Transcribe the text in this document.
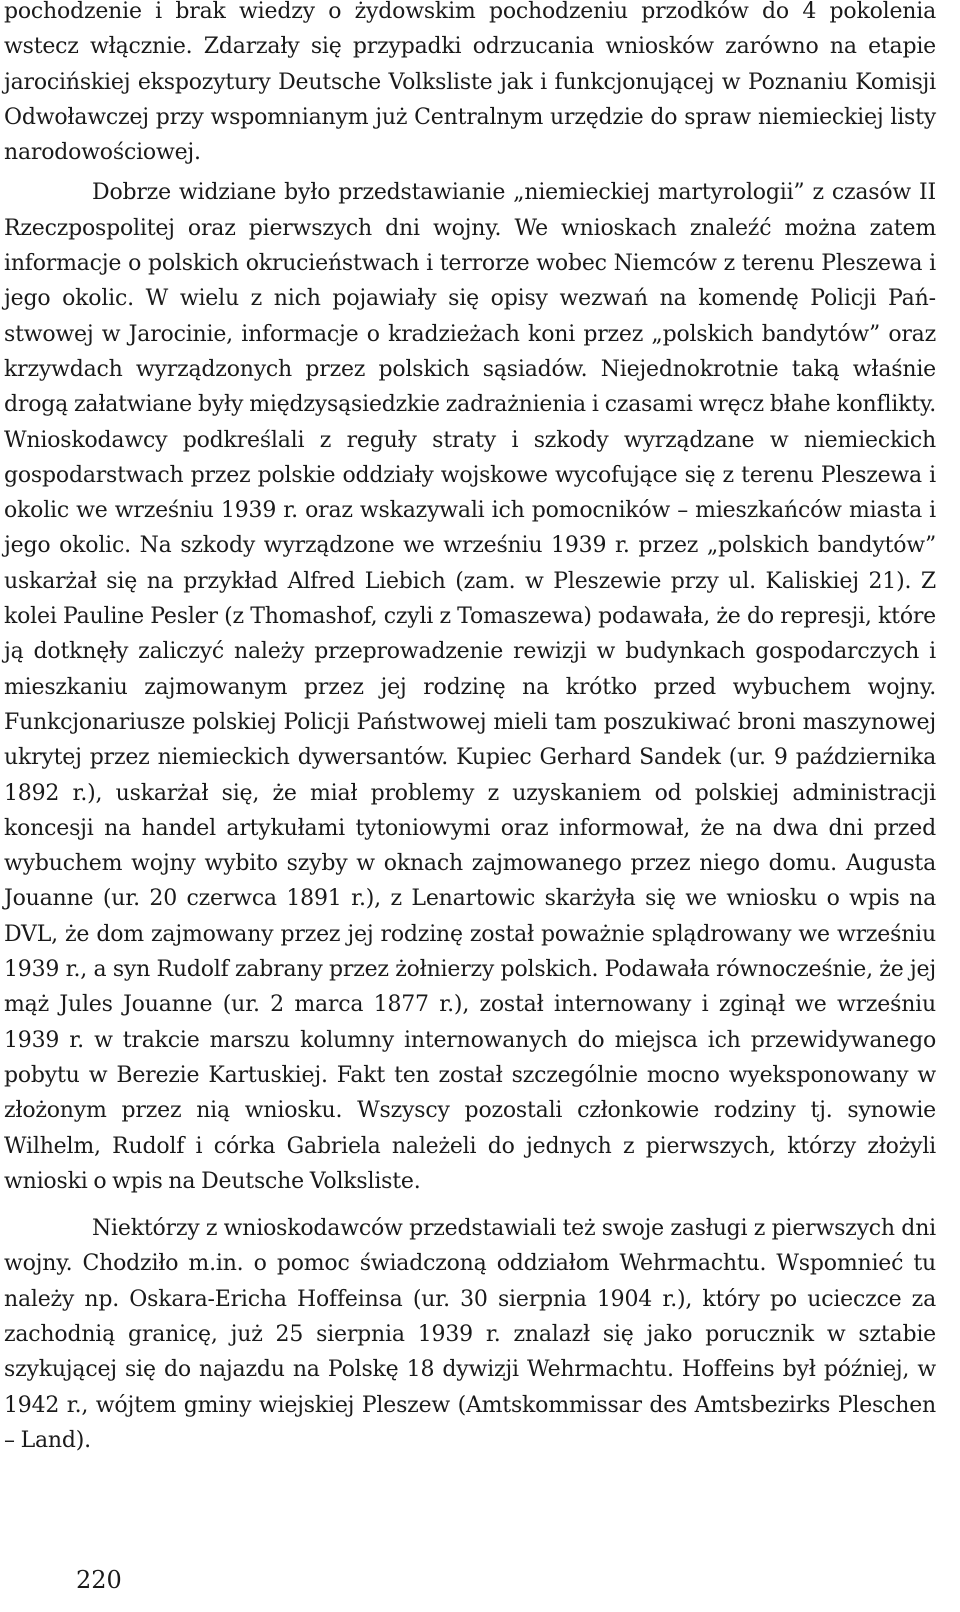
pochodzenie i brak wiedzy o żydowskim pochodzeniu przodków do 4 pokolenia wstecz włącznie. Zdarzały się przypadki odrzucania wniosków zarówno na etapie jarocińskiej ekspozytury Deutsche Volksliste jak i funkcjonującej w Poznaniu Komisji Odwoławczej przy wspomnianym już Centralnym urzędzie do spraw niemieckiej listy narodowościowej.

Dobrze widziane było przedstawianie „niemieckiej martyrologii” z czasów II Rzeczpospolitej oraz pierwszych dni wojny. We wnioskach znaleźć można zatem informacje o polskich okrucieństwach i terrorze wobec Niemców z terenu Pleszewa i jego okolic. W wielu z nich pojawiały się opisy wezwań na komendę Policji Państwowej w Jarocinie, informacje o kradzieżach koni przez „polskich bandytów” oraz krzywdach wyrządzonych przez polskich sąsiadów. Niejednokrotnie taką właśnie drogą załatwiane były międzysąsiedzkie zadrażnienia i czasami wręcz błahe konflikty. Wnioskodawcy podkreślali z reguły straty i szkody wyrządzane w niemieckich gospodarstwach przez polskie oddziały wojskowe wycofujące się z terenu Pleszewa i okolic we wrześniu 1939 r. oraz wskazywali ich pomocników – mieszkańców miasta i jego okolic. Na szkody wyrządzone we wrześniu 1939 r. przez „polskich bandytów” uskarżał się na przykład Alfred Liebich (zam. w Pleszewie przy ul. Kaliskiej 21). Z kolei Pauline Pesler (z Thomashof, czyli z Tomaszewa) podawała, że do represji, które ją dotknęły zaliczyć należy przeprowadzenie rewizji w budynkach gospodarczych i mieszkaniu zajmowanym przez jej rodzinę na krótko przed wybuchem wojny. Funkcjonariusze polskiej Policji Państwowej mieli tam poszukiwać broni maszynowej ukrytej przez niemieckich dywersantów. Kupiec Gerhard Sandek (ur. 9 października 1892 r.), uskarżał się, że miał problemy z uzyskaniem od polskiej administracji koncesji na handel artykułami tytoniowymi oraz informował, że na dwa dni przed wybuchem wojny wybito szyby w oknach zajmowanego przez niego domu. Augusta Jouanne (ur. 20 czerwca 1891 r.), z Lenartowic skarżyła się we wniosku o wpis na DVL, że dom zajmowany przez jej rodzinę został poważnie splądrowany we wrześniu 1939 r., a syn Rudolf zabrany przez żołnierzy polskich. Podawała równocześnie, że jej mąż Jules Jouanne (ur. 2 marca 1877 r.), został internowany i zginął we wrześniu 1939 r. w trakcie marszu kolumny internowanych do miejsca ich przewidywanego pobytu w Berezie Kartuskiej. Fakt ten został szczególnie mocno wyeksponowany w złożonym przez nią wniosku. Wszyscy pozostali członkowie rodziny tj. synowie Wilhelm, Rudolf i córka Gabriela należeli do jednych z pierwszych, którzy złożyli wnioski o wpis na Deutsche Volksliste.

Niektórzy z wnioskodawców przedstawiali też swoje zasługi z pierwszych dni wojny. Chodziło m.in. o pomoc świadczoną oddziałom Wehrmachtu. Wspomnieć tu należy np. Oskara-Ericha Hoffeinsa (ur. 30 sierpnia 1904 r.), który po ucieczce za zachodnią granicę, już 25 sierpnia 1939 r. znalazł się jako porucznik w sztabie szykującej się do najazdu na Polskę 18 dywizji Wehrmachtu. Hoffeins był później, w 1942 r., wójtem gminy wiejskiej Pleszew (Amtskommissar des Amtsbezirks Pleschen – Land).

220
